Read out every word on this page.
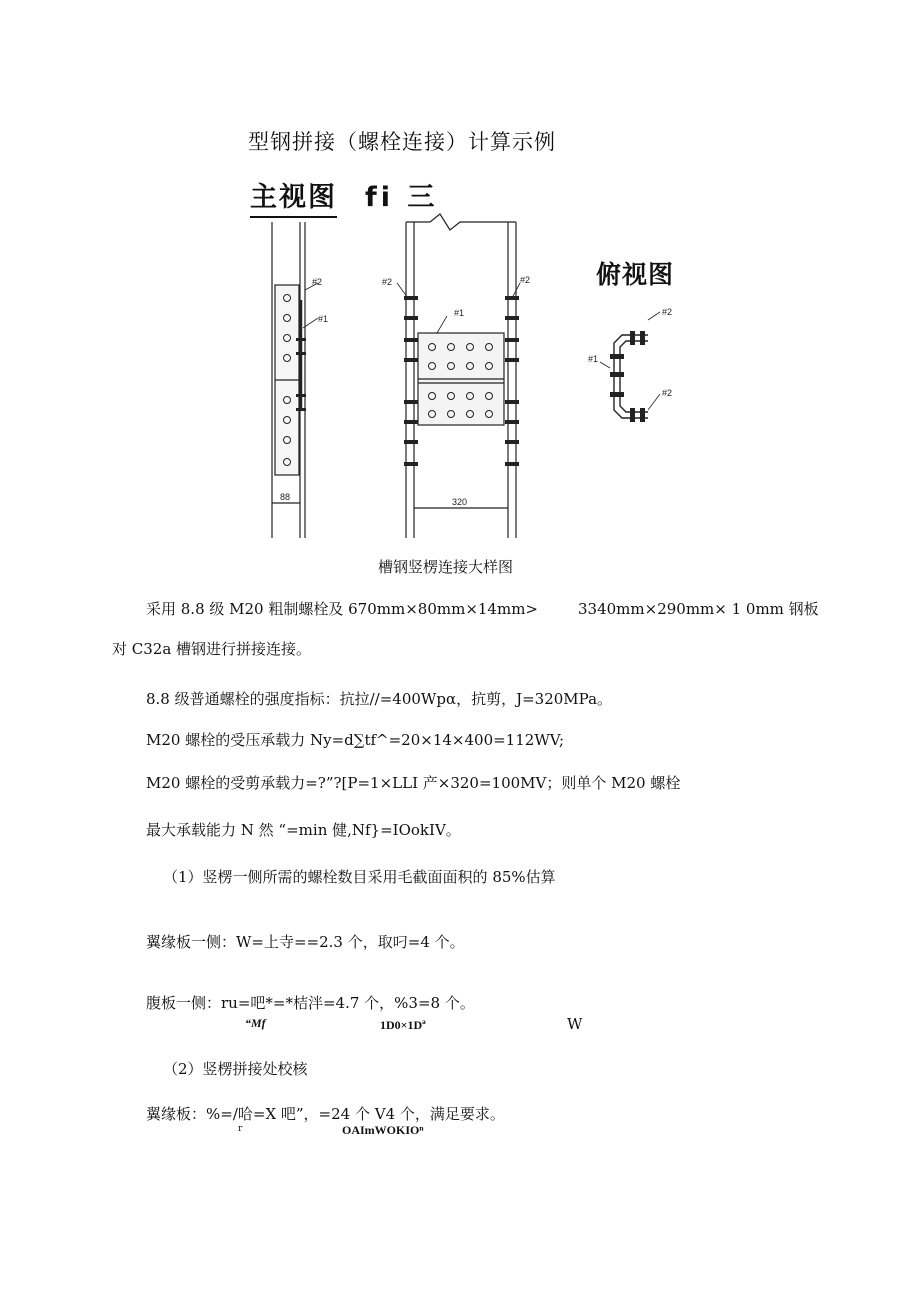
型钢拼接（螺栓连接）计算示例
主视图 fi 三
俯视图
#2
#1
88
#2	#2
#1
320
#2
#1
#2
槽钢竖楞连接大样图
采用 8.8 级 M20 粗制螺栓及 670mm×80mm×14mm>	3340mm×290mm× 1 0mm 钢板
对 C32a 槽钢进行拼接连接。
8.8 级普通螺栓的强度指标：抗拉//=400Wpα，抗剪，J=320MPa。
M20 螺栓的受压承载力 Ny=d∑tf^=20×14×400=112WV;
M20 螺栓的受剪承载力=?”?[P=1×LLI 产×320=100MV；则单个 M20 螺栓
最大承载能力 N 然 “=min 健,Nf}=IOokIV。
（1）竖楞一侧所需的螺栓数目采用毛截面面积的 85%估算
翼缘板一侧：W=上寺==2.3 个，取叼=4 个。
腹板一侧：ru=吧*=*桔泮=4.7 个，%3=8 个。
“Mf	1D0×1Dª	W
（2）竖楞拼接处校核
翼缘板：%=/哈=X 吧”，=24 个 V4 个，满足要求。
r	OAImWOKIOⁿ
